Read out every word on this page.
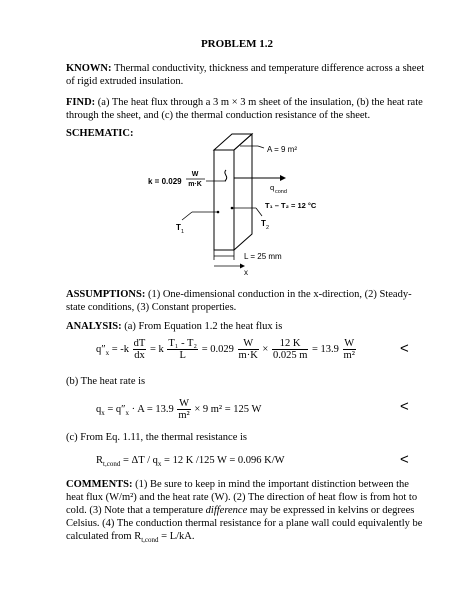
PROBLEM 1.2
KNOWN: Thermal conductivity, thickness and temperature difference across a sheet of rigid extruded insulation.
FIND: (a) The heat flux through a 3 m × 3 m sheet of the insulation, (b) the heat rate through the sheet, and (c) the thermal conduction resistance of the sheet.
SCHEMATIC:
A = 9 m²
k = 0.029
W
m·K	q cond
T₁ – T₂ = 12 °C
T 1
T 2
L = 25 mm
x
ASSUMPTIONS: (1) One-dimensional conduction in the x-direction, (2) Steady-state conditions, (3) Constant properties.
ANALYSIS: (a) From Equation 1.2 the heat flux is
$q''_x = -k \frac{dT}{dx} = k \frac{\text{T₁ - T₂}}{L} = 0.029 \frac{W}{m\cdot K} \times \frac{12 K}{0.025 m} = 13.9 \frac{W}{\text{m²}}$	<
(b) The heat rate is
$q_x = q''_x \cdot A = 13.9 \frac{W}{\text{m²}} \times 9$ m² = 125 W	<
(c) From Eq. 1.11, the thermal resistance is
$R_{t,cond} = \Delta T / q_x = 12$ K /125 W = 0.096 K/W	<
COMMENTS: (1) Be sure to keep in mind the important distinction between the heat flux (W/m²) and the heat rate (W). (2) The direction of heat flow is from hot to cold. (3) Note that a temperature difference may be expressed in kelvins or degrees Celsius. (4) The conduction thermal resistance for a plane wall could equivalently be calculated from $R_{t,cond} = L/kA$.
